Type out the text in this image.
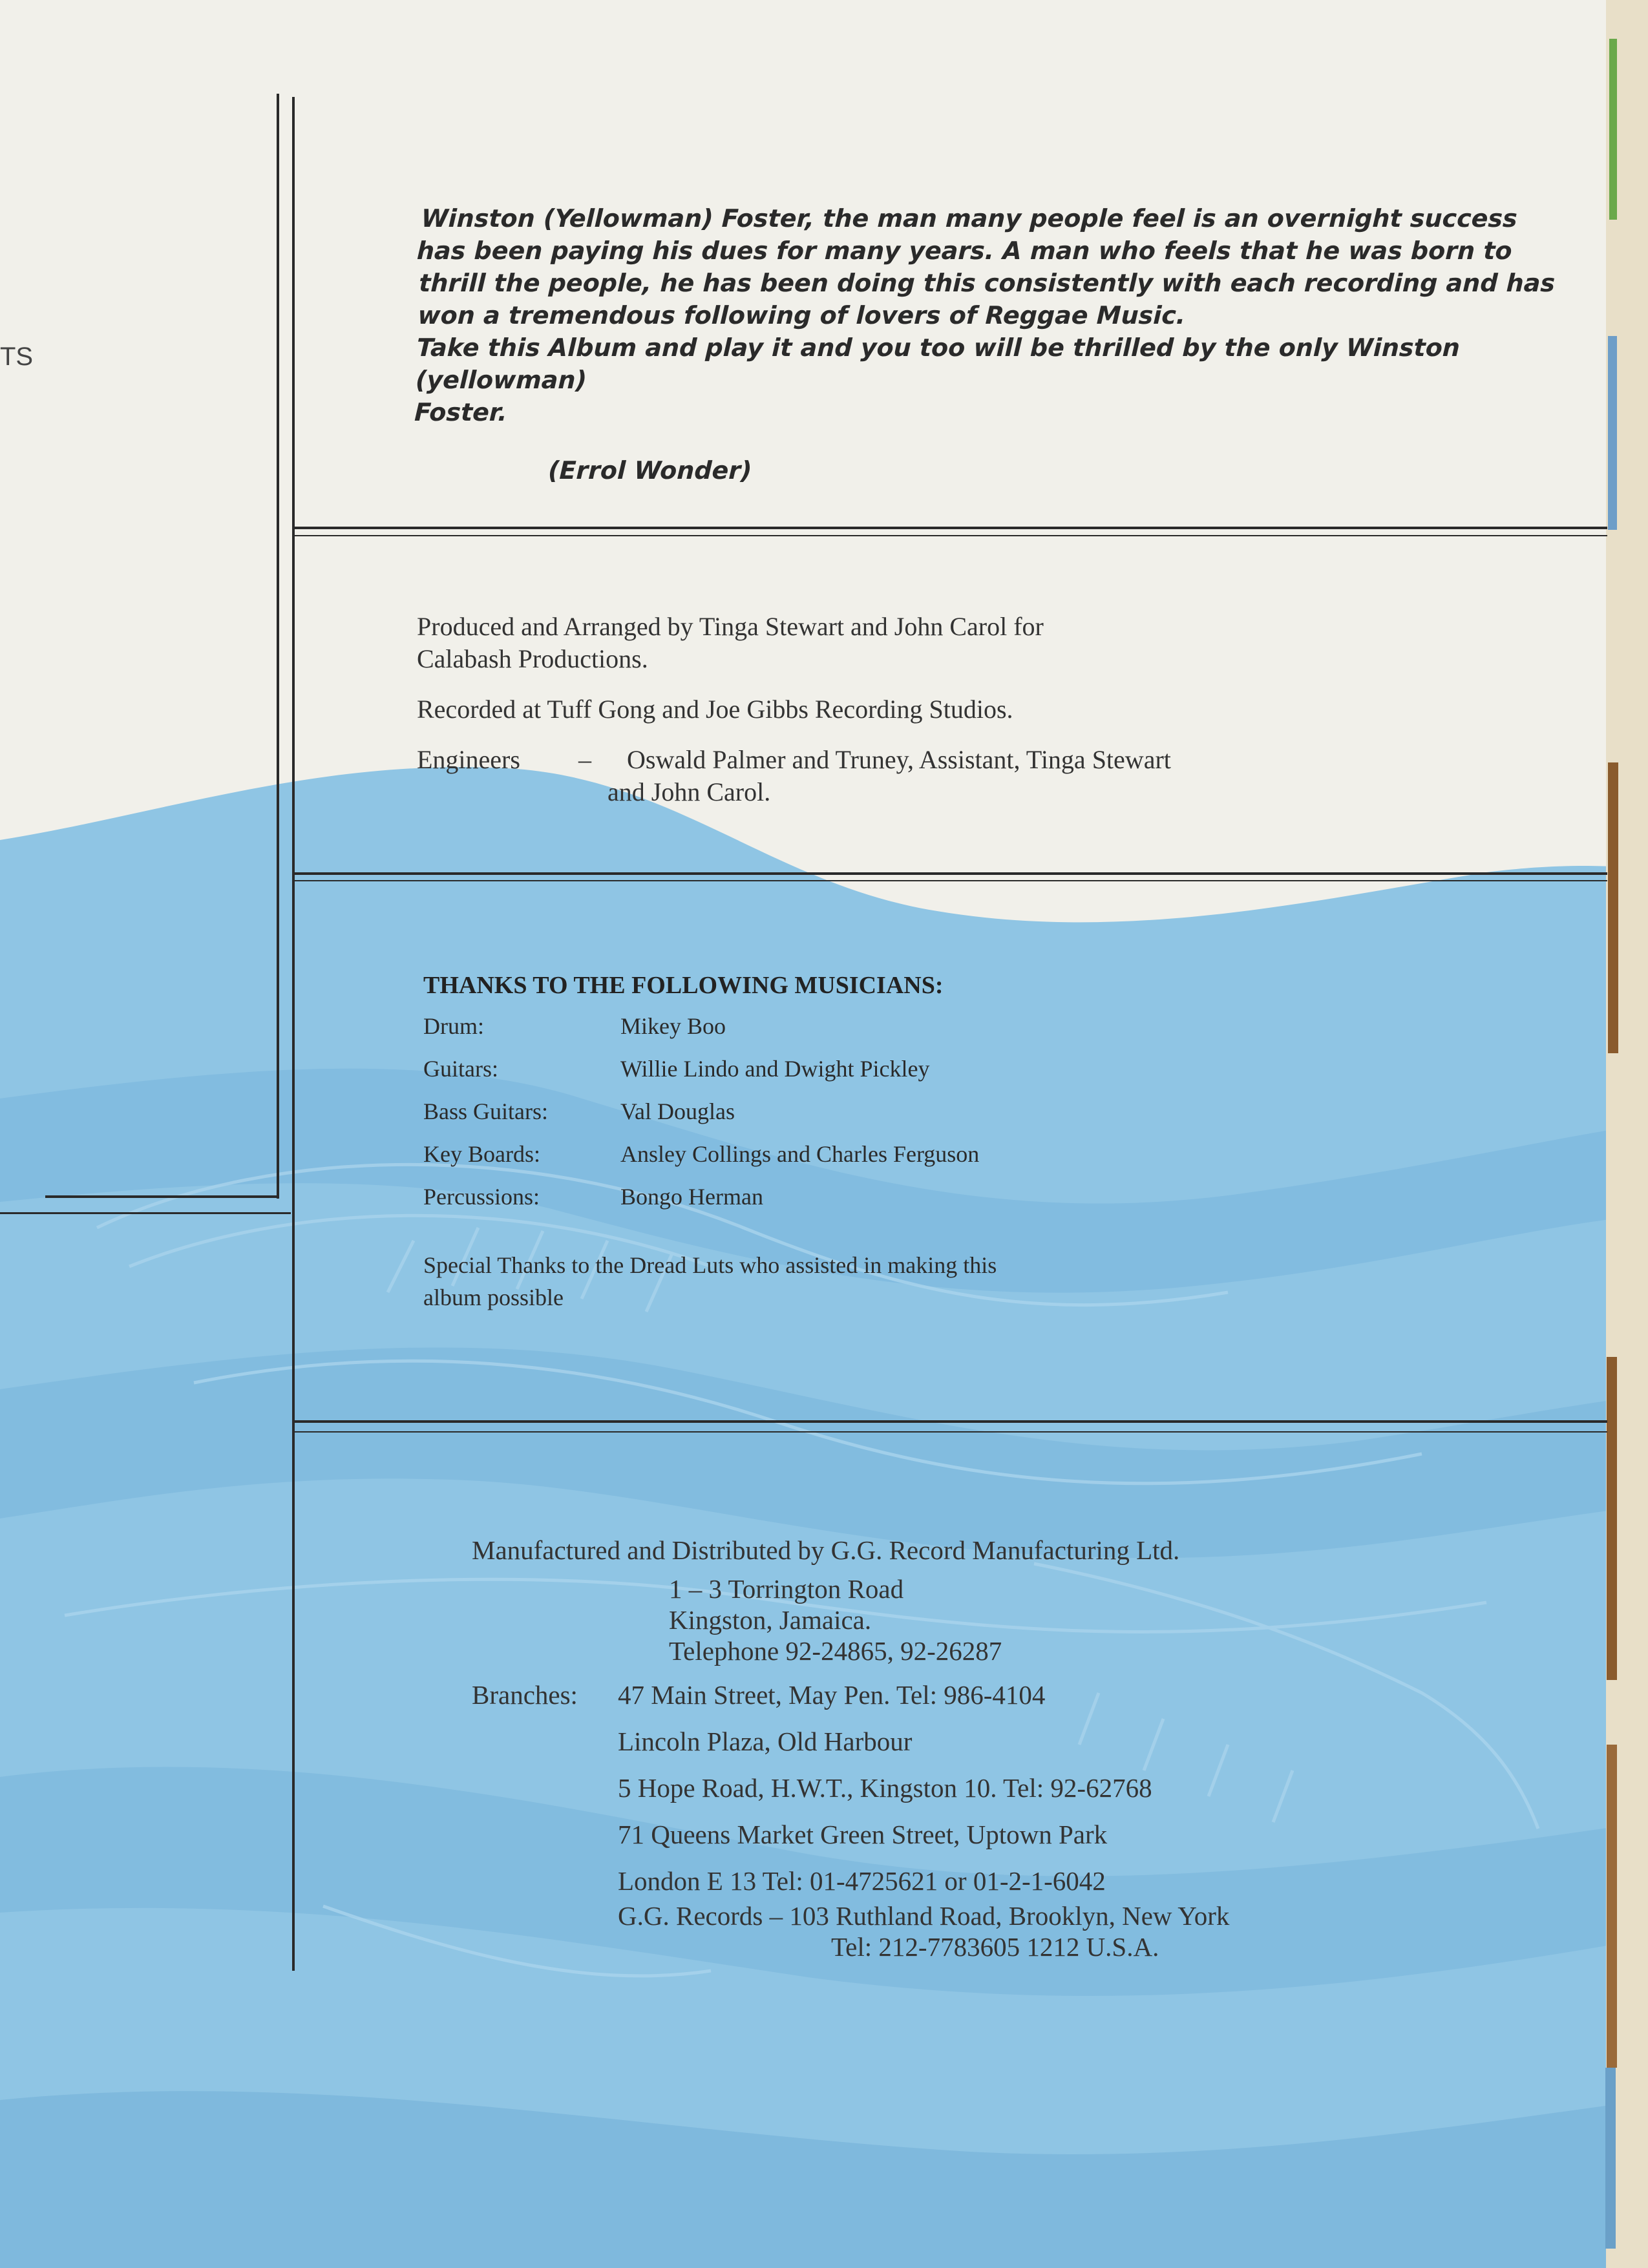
TS
Winston (Yellowman) Foster, the man many people feel is an overnight success
has been paying his dues for many years. A man who feels that he was born to
thrill the people, he has been doing this consistently with each recording and has
won a tremendous following of lovers of Reggae Music.
Take this Album and play it and you too will be thrilled by the only Winston (yellowman)
Foster.
(Errol Wonder)
Produced and Arranged by Tinga Stewart and John Carol for
Calabash Productions.
Recorded at Tuff Gong and Joe Gibbs Recording Studios.
Engineers	–	Oswald Palmer and Truney, Assistant, Tinga Stewart
and John Carol.
THANKS TO THE FOLLOWING MUSICIANS:
Drum:	Mikey Boo
Guitars:	Willie Lindo and Dwight Pickley
Bass Guitars:	Val Douglas
Key Boards:	Ansley Collings and Charles Ferguson
Percussions:	Bongo Herman
Special Thanks to the Dread Luts who assisted in making this
album possible
Manufactured and Distributed by G.G. Record Manufacturing Ltd.
1 – 3 Torrington Road
Kingston, Jamaica.
Telephone 92-24865, 92-26287
Branches:	47 Main Street, May Pen. Tel: 986-4104
Lincoln Plaza, Old Harbour
5 Hope Road, H.W.T., Kingston 10. Tel: 92-62768
71 Queens Market Green Street, Uptown Park
London E 13 Tel: 01-4725621 or 01-2-1-6042
G.G. Records – 103 Ruthland Road, Brooklyn, New York
Tel: 212-7783605 1212 U.S.A.
